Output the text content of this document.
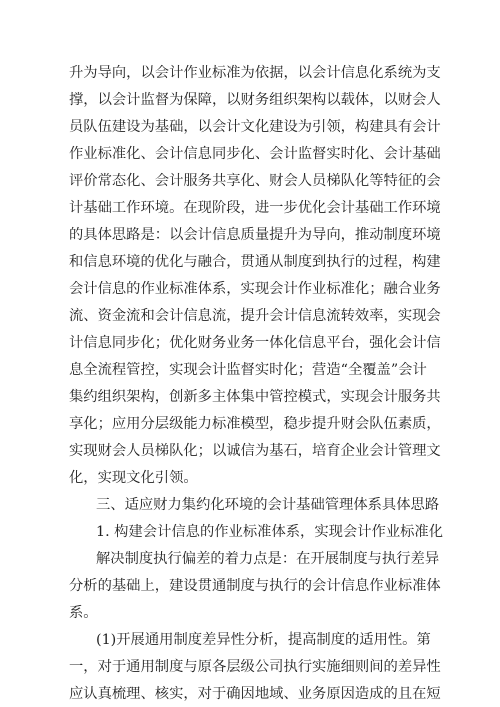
升为导向，以会计作业标准为依据，以会计信息化系统为支
撑，以会计监督为保障，以财务组织架构以载体，以财会人
员队伍建设为基础，以会计文化建设为引领，构建具有会计
作业标准化、会计信息同步化、会计监督实时化、会计基础
评价常态化、会计服务共享化、财会人员梯队化等特征的会
计基础工作环境。在现阶段，进一步优化会计基础工作环境
的具体思路是：以会计信息质量提升为导向，推动制度环境
和信息环境的优化与融合，贯通从制度到执行的过程，构建
会计信息的作业标准体系，实现会计作业标准化；融合业务
流、资金流和会计信息流，提升会计信息流转效率，实现会
计信息同步化；优化财务业务一体化信息平台，强化会计信
息全流程管控，实现会计监督实时化；营造“全覆盖”会计
集约组织架构，创新多主体集中管控模式，实现会计服务共
享化；应用分层级能力标准模型，稳步提升财会队伍素质，
实现财会人员梯队化；以诚信为基石，培育企业会计管理文
化，实现文化引领。
三、适应财力集约化环境的会计基础管理体系具体思路
1. 构建会计信息的作业标准体系，实现会计作业标准化
解决制度执行偏差的着力点是：在开展制度与执行差异
分析的基础上，建设贯通制度与执行的会计信息作业标准体
系。
(1)开展通用制度差异性分析，提高制度的适用性。第
一，对于通用制度与原各层级公司执行实施细则间的差异性
应认真梳理、核实，对于确因地域、业务原因造成的且在短
